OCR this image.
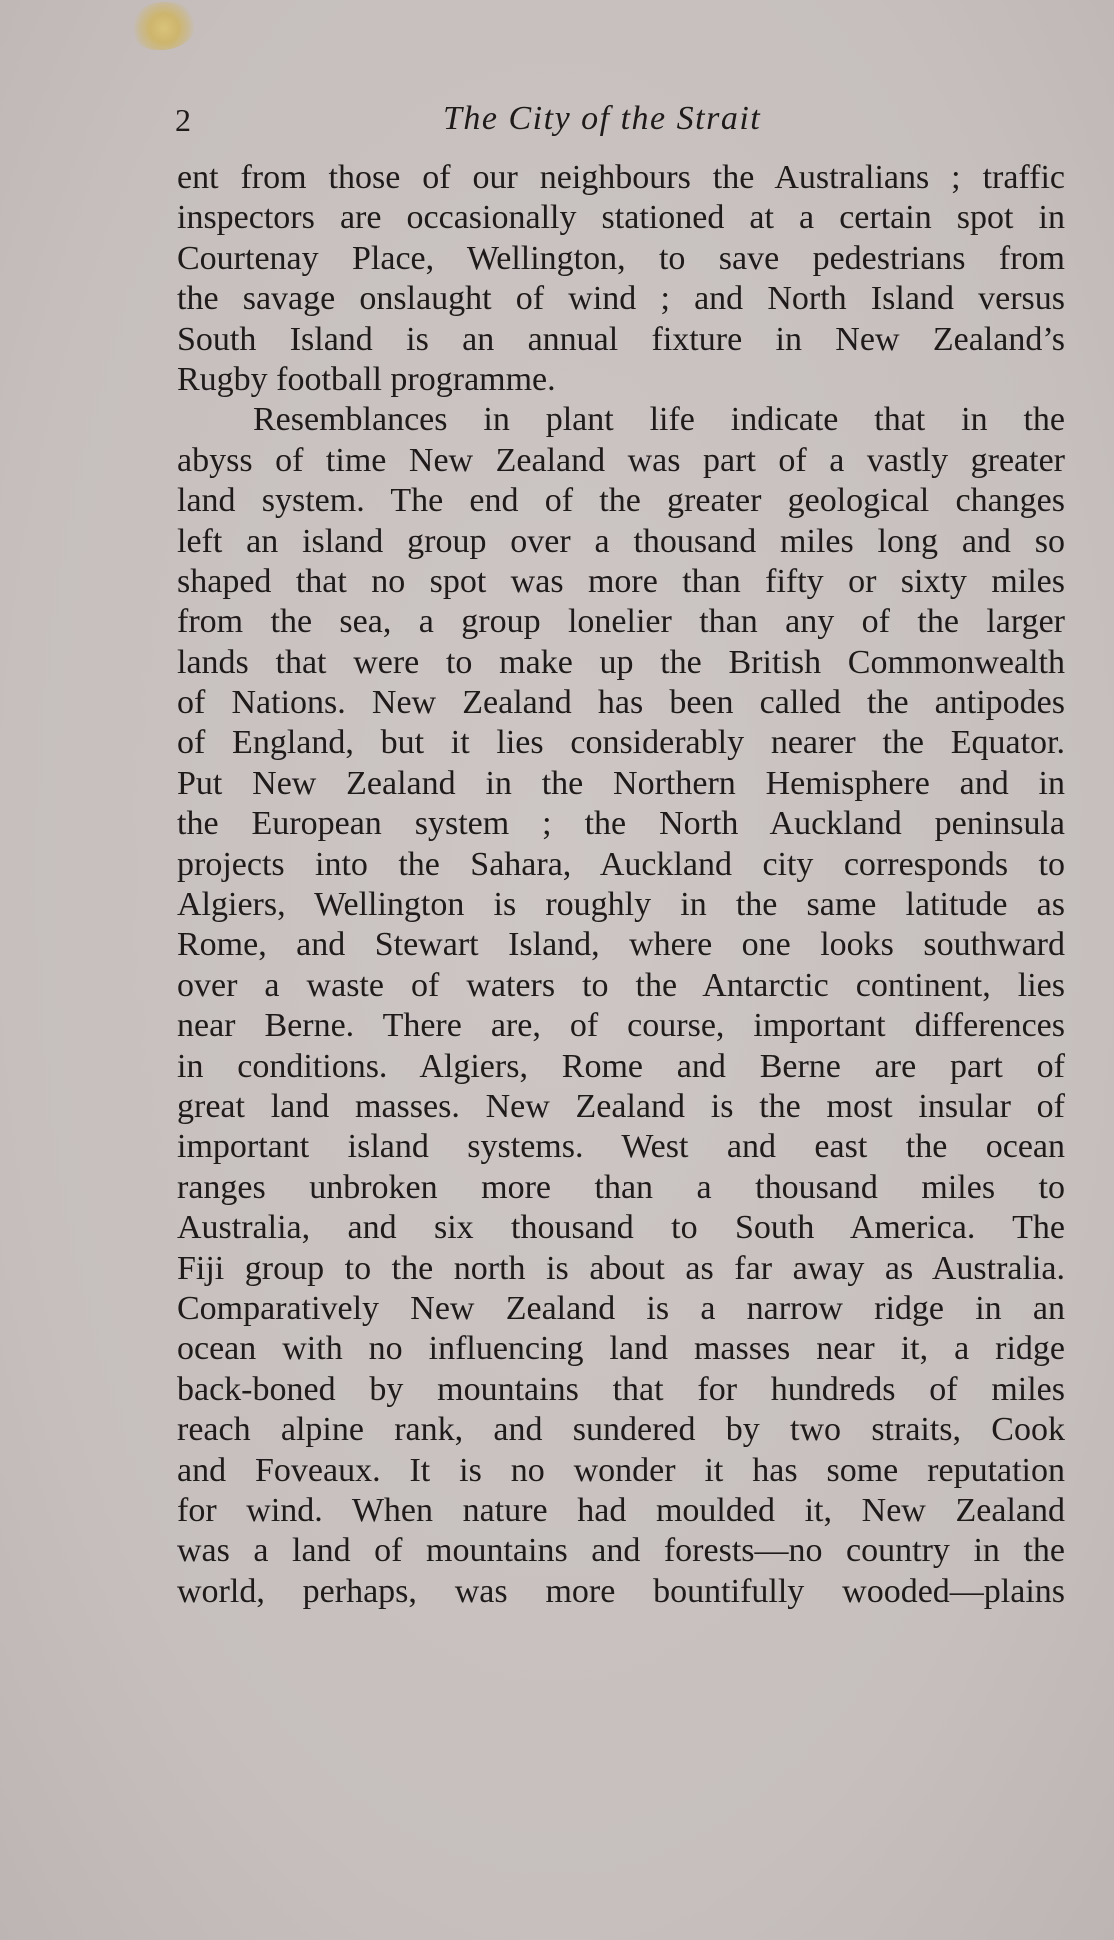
2	The City of the Strait
ent from those of our neighbours the Australians ; traffic
inspectors are occasionally stationed at a certain spot in
Courtenay Place, Wellington, to save pedestrians from
the savage onslaught of wind ; and North Island versus
South Island is an annual fixture in New Zealand’s
Rugby football programme.
Resemblances in plant life indicate that in the
abyss of time New Zealand was part of a vastly greater
land system. The end of the greater geological changes
left an island group over a thousand miles long and so
shaped that no spot was more than fifty or sixty miles
from the sea, a group lonelier than any of the larger
lands that were to make up the British Commonwealth
of Nations. New Zealand has been called the antipodes
of England, but it lies considerably nearer the Equator.
Put New Zealand in the Northern Hemisphere and in
the European system ; the North Auckland peninsula
projects into the Sahara, Auckland city corresponds to
Algiers, Wellington is roughly in the same latitude as
Rome, and Stewart Island, where one looks southward
over a waste of waters to the Antarctic continent, lies
near Berne. There are, of course, important differences
in conditions. Algiers, Rome and Berne are part of
great land masses. New Zealand is the most insular of
important island systems. West and east the ocean
ranges unbroken more than a thousand miles to
Australia, and six thousand to South America. The
Fiji group to the north is about as far away as Australia.
Comparatively New Zealand is a narrow ridge in an
ocean with no influencing land masses near it, a ridge
back-boned by mountains that for hundreds of miles
reach alpine rank, and sundered by two straits, Cook
and Foveaux. It is no wonder it has some reputation
for wind. When nature had moulded it, New Zealand
was a land of mountains and forests—no country in the
world, perhaps, was more bountifully wooded—plains
